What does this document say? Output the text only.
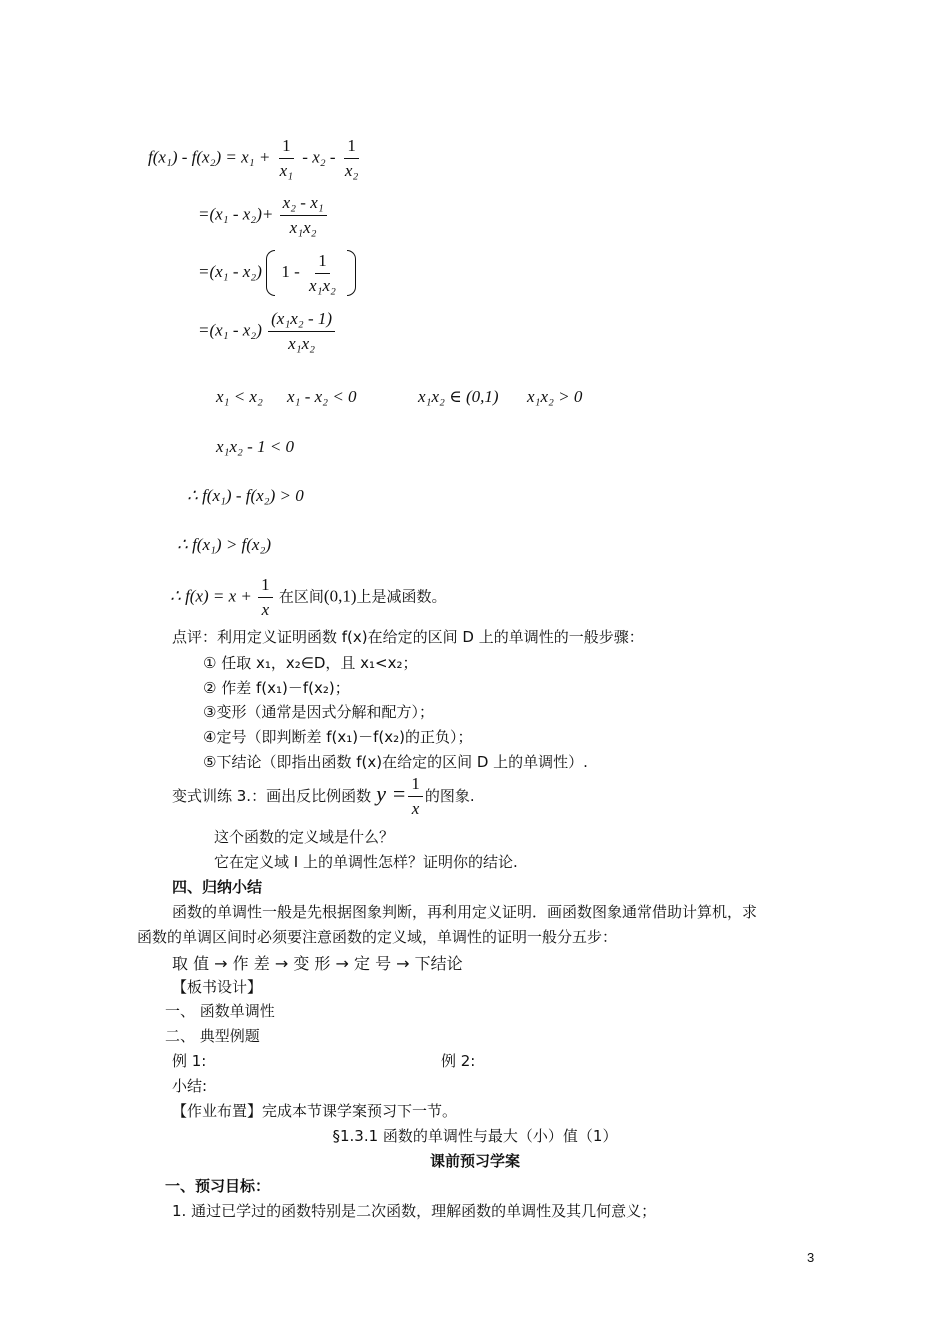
$f(x_1) - f(x_2) = x_1 + \frac{1}{\text{x₁}} - x_2 - \frac{1}{\text{x₂}}$
$=(x_1 - x_2)+ \frac{\text{x₂ - x₁}}{\text{x₁x₂}}$
=(x₁ - x₂) $1 - \frac{1}{\text{x₁x₂}}$

$=(x_1 - x_2) \frac{\text{(x₁x₂ - 1)}}{\text{x₁x₂}}$
x₁ < x₂ x₁ - x₂ < 0	x₁x₂ ∈ (0,1) x₁x₂ > 0
x₁x₂ - 1 < 0
∴ f(x₁) - f(x₂) > 0
∴ f(x₁) > f(x₂)
∴ $f(x) = x + \frac{1}{x}$ 在区间(0,1)上是减函数。
点评：利用定义证明函数 f(x)在给定的区间 D 上的单调性的一般步骤：
① 任取 x₁，x₂∈D，且 x₁<x₂；
② 作差 f(x₁)－f(x₂)；
③变形（通常是因式分解和配方）；
④定号（即判断差 f(x₁)－f(x₂)的正负）；
⑤下结论（即指出函数 f(x)在给定的区间 D 上的单调性）.
变式训练 3.：画出反比例函数 $y = \frac{1}{x}$ 的图象.
这个函数的定义域是什么？
它在定义域 I 上的单调性怎样？证明你的结论.
四、归纳小结
函数的单调性一般是先根据图象判断，再利用定义证明．画函数图象通常借助计算机，求
函数的单调区间时必须要注意函数的定义域，单调性的证明一般分五步：
取 值 → 作 差 → 变 形 → 定 号 → 下结论
【板书设计】
一、 函数单调性
二、 典型例题
例 1:	例 2:
小结:
【作业布置】完成本节课学案预习下一节。
§1.3.1 函数的单调性与最大（小）值（1）
课前预习学案
一、预习目标：
1. 通过已学过的函数特别是二次函数，理解函数的单调性及其几何意义；
3
